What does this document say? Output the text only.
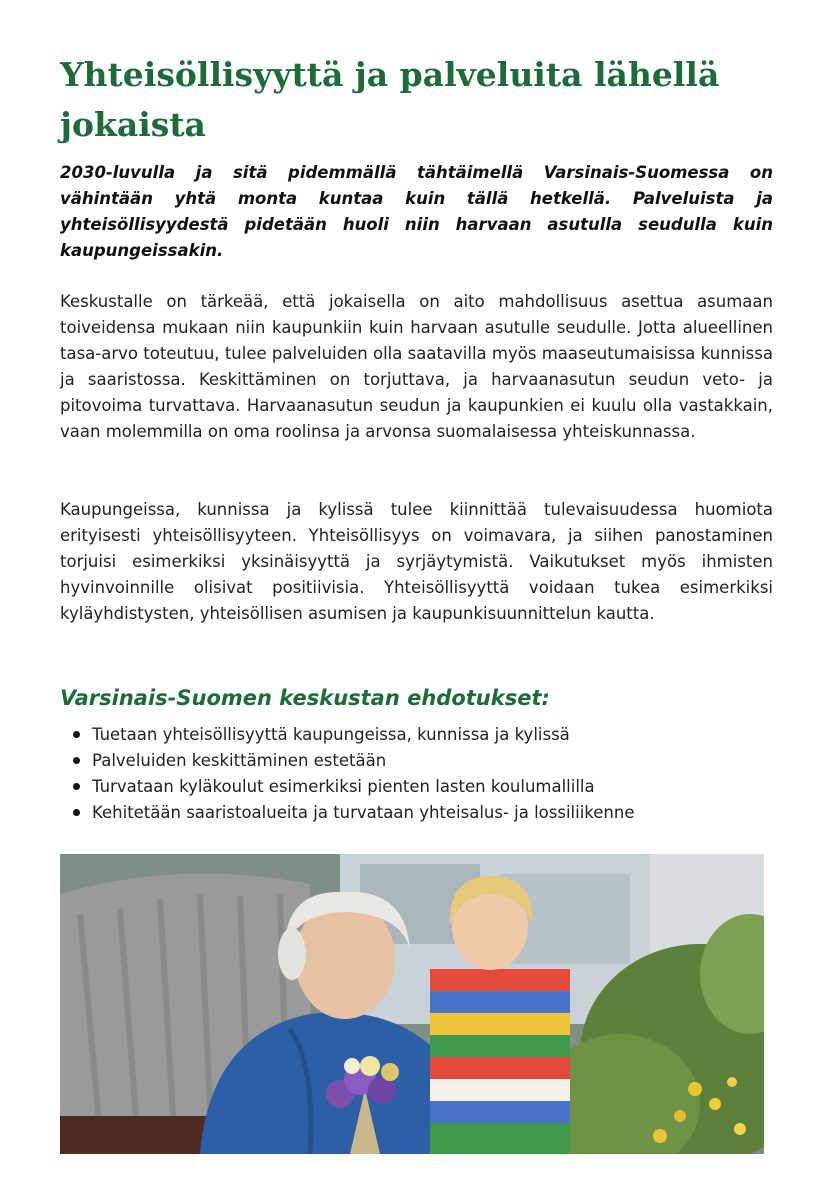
Yhteisöllisyyttä ja palveluita lähellä jokaista

2030-luvulla ja sitä pidemmällä tähtäimellä Varsinais-Suomessa on vähintään yhtä monta kuntaa kuin tällä hetkellä. Palveluista ja yhteisöllisyydestä pidetään huoli niin harvaan asutulla seudulla kuin kaupungeissakin.

Keskustalle on tärkeää, että jokaisella on aito mahdollisuus asettua asumaan toiveidensa mukaan niin kaupunkiin kuin harvaan asutulle seudulle. Jotta alueellinen tasa-arvo toteutuu, tulee palveluiden olla saatavilla myös maaseutumaisissa kunnissa ja saaristossa. Keskittäminen on torjuttava, ja harvaanasutun seudun veto- ja pitovoima turvattava. Harvaanasutun seudun ja kaupunkien ei kuulu olla vastakkain, vaan molemmilla on oma roolinsa ja arvonsa suomalaisessa yhteiskunnassa.

Kaupungeissa, kunnissa ja kylissä tulee kiinnittää tulevaisuudessa huomiota erityisesti yhteisöllisyyteen. Yhteisöllisyys on voimavara, ja siihen panostaminen torjuisi esimerkiksi yksinäisyyttä ja syrjäytymistä. Vaikutukset myös ihmisten hyvinvoinnille olisivat positiivisia. Yhteisöllisyyttä voidaan tukea esimerkiksi kyläyhdistysten, yhteisöllisen asumisen ja kaupunkisuunnittelun kautta.

Varsinais-Suomen keskustan ehdotukset:
Tuetaan yhteisöllisyyttä kaupungeissa, kunnissa ja kylissä
Palveluiden keskittäminen estetään
Turvataan kyläkoulut esimerkiksi pienten lasten koulumallilla
Kehitetään saaristoalueita ja turvataan yhteisalus- ja lossiliikenne
